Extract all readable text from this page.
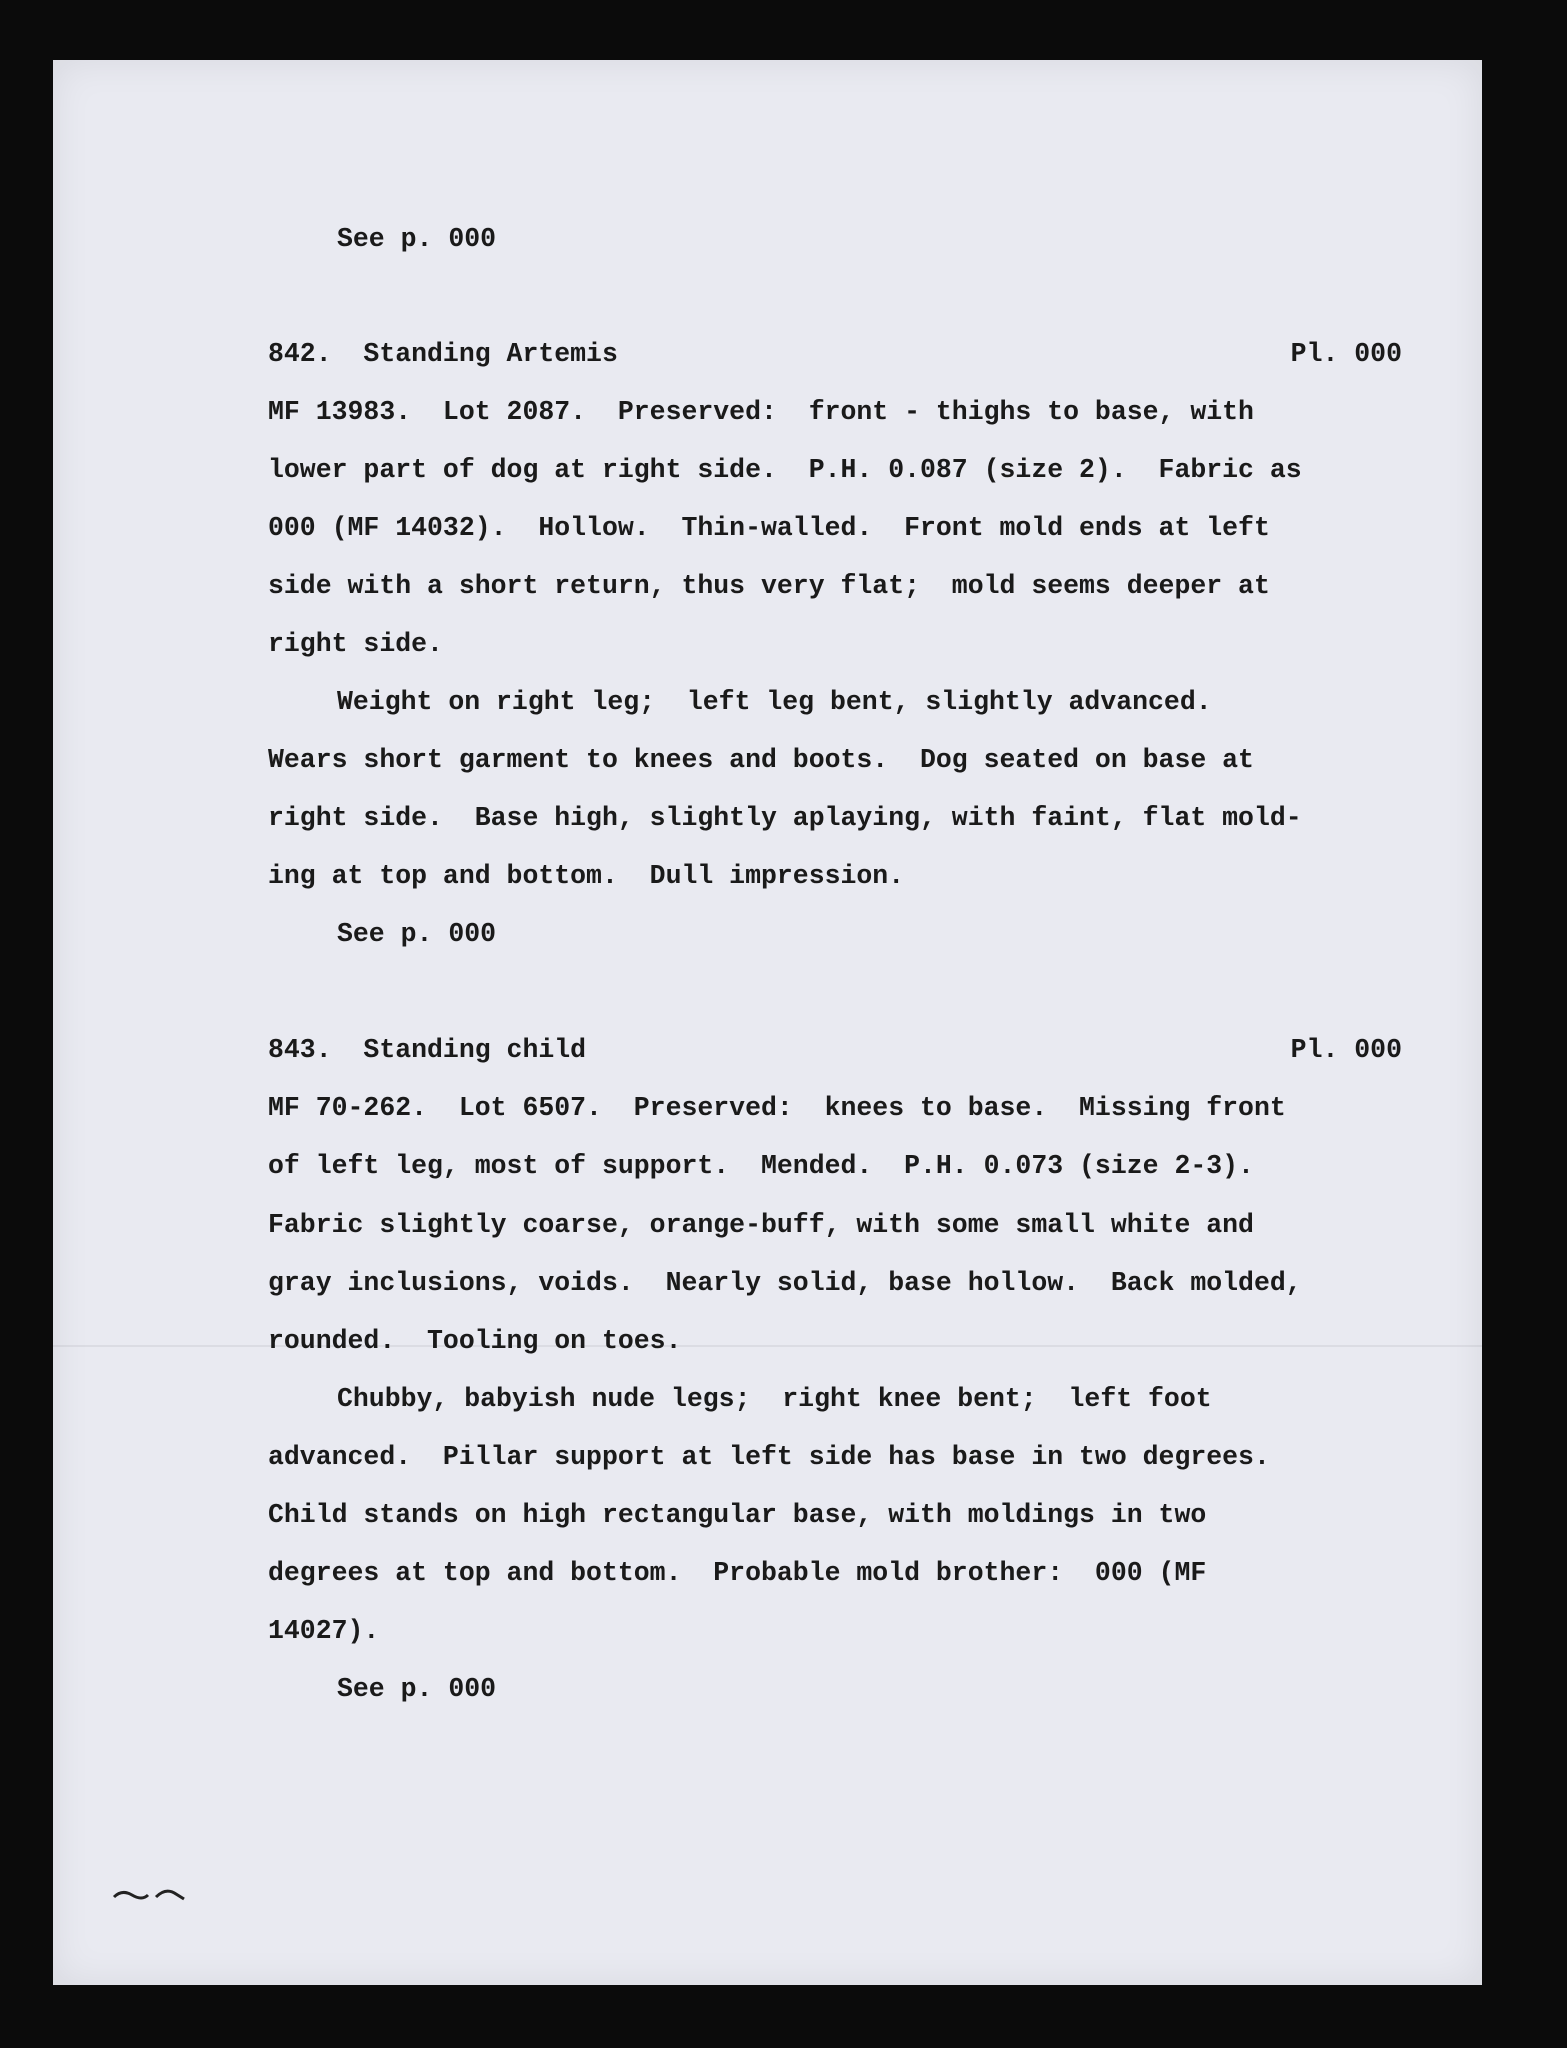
See p. 000
842.  Standing Artemis	Pl. 000
MF 13983.  Lot 2087.  Preserved:  front - thighs to base, with
lower part of dog at right side.  P.H. 0.087 (size 2).  Fabric as
000 (MF 14032).  Hollow.  Thin-walled.  Front mold ends at left
side with a short return, thus very flat;  mold seems deeper at
right side.
Weight on right leg;  left leg bent, slightly advanced.
Wears short garment to knees and boots.  Dog seated on base at
right side.  Base high, slightly aplaying, with faint, flat mold-
ing at top and bottom.  Dull impression.
See p. 000
843.  Standing child	Pl. 000
MF 70-262.  Lot 6507.  Preserved:  knees to base.  Missing front
of left leg, most of support.  Mended.  P.H. 0.073 (size 2-3).
Fabric slightly coarse, orange-buff, with some small white and
gray inclusions, voids.  Nearly solid, base hollow.  Back molded,
rounded.  Tooling on toes.
Chubby, babyish nude legs;  right knee bent;  left foot
advanced.  Pillar support at left side has base in two degrees.
Child stands on high rectangular base, with moldings in two
degrees at top and bottom.  Probable mold brother:  000 (MF
14027).
See p. 000
